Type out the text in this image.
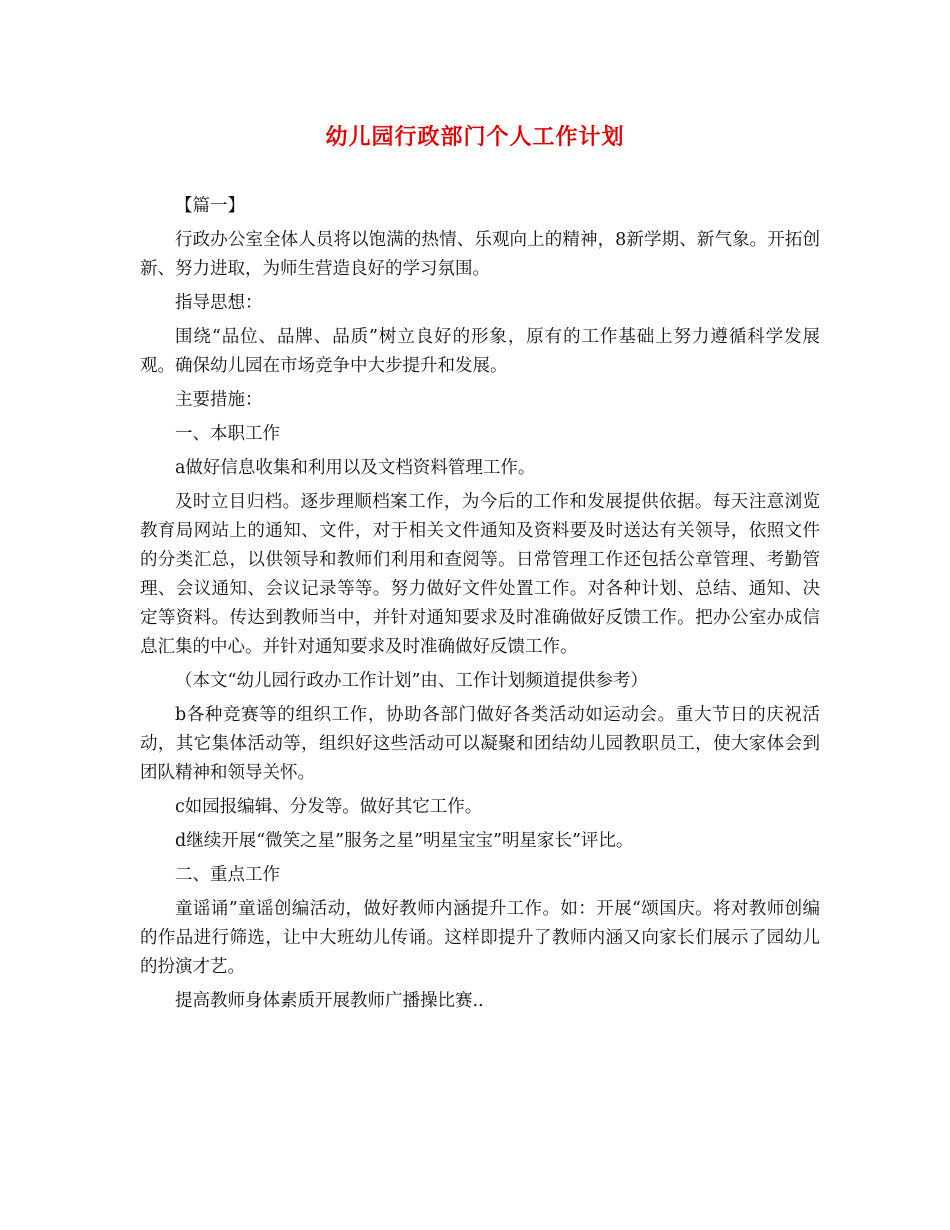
幼儿园行政部门个人工作计划

【篇一】

行政办公室全体人员将以饱满的热情、乐观向上的精神，8新学期、新气象。开拓创新、努力进取，为师生营造良好的学习氛围。

指导思想：

围绕“品位、品牌、品质”树立良好的形象，原有的工作基础上努力遵循科学发展观。确保幼儿园在市场竞争中大步提升和发展。

主要措施：

一、本职工作

a做好信息收集和利用以及文档资料管理工作。

及时立目归档。逐步理顺档案工作，为今后的工作和发展提供依据。每天注意浏览教育局网站上的通知、文件，对于相关文件通知及资料要及时送达有关领导，依照文件的分类汇总，以供领导和教师们利用和查阅等。日常管理工作还包括公章管理、考勤管理、会议通知、会议记录等等。努力做好文件处置工作。对各种计划、总结、通知、决定等资料。传达到教师当中，并针对通知要求及时准确做好反馈工作。把办公室办成信息汇集的中心。并针对通知要求及时准确做好反馈工作。

（本文“幼儿园行政办工作计划”由、工作计划频道提供参考）

b各种竞赛等的组织工作，协助各部门做好各类活动如运动会。重大节日的庆祝活动，其它集体活动等，组织好这些活动可以凝聚和团结幼儿园教职员工，使大家体会到团队精神和领导关怀。

c如园报编辑、分发等。做好其它工作。

d继续开展“微笑之星”服务之星”明星宝宝”明星家长”评比。

二、重点工作

童谣诵”童谣创编活动，做好教师内涵提升工作。如：开展“颂国庆。将对教师创编的作品进行筛选，让中大班幼儿传诵。这样即提升了教师内涵又向家长们展示了园幼儿的扮演才艺。

提高教师身体素质开展教师广播操比赛..
